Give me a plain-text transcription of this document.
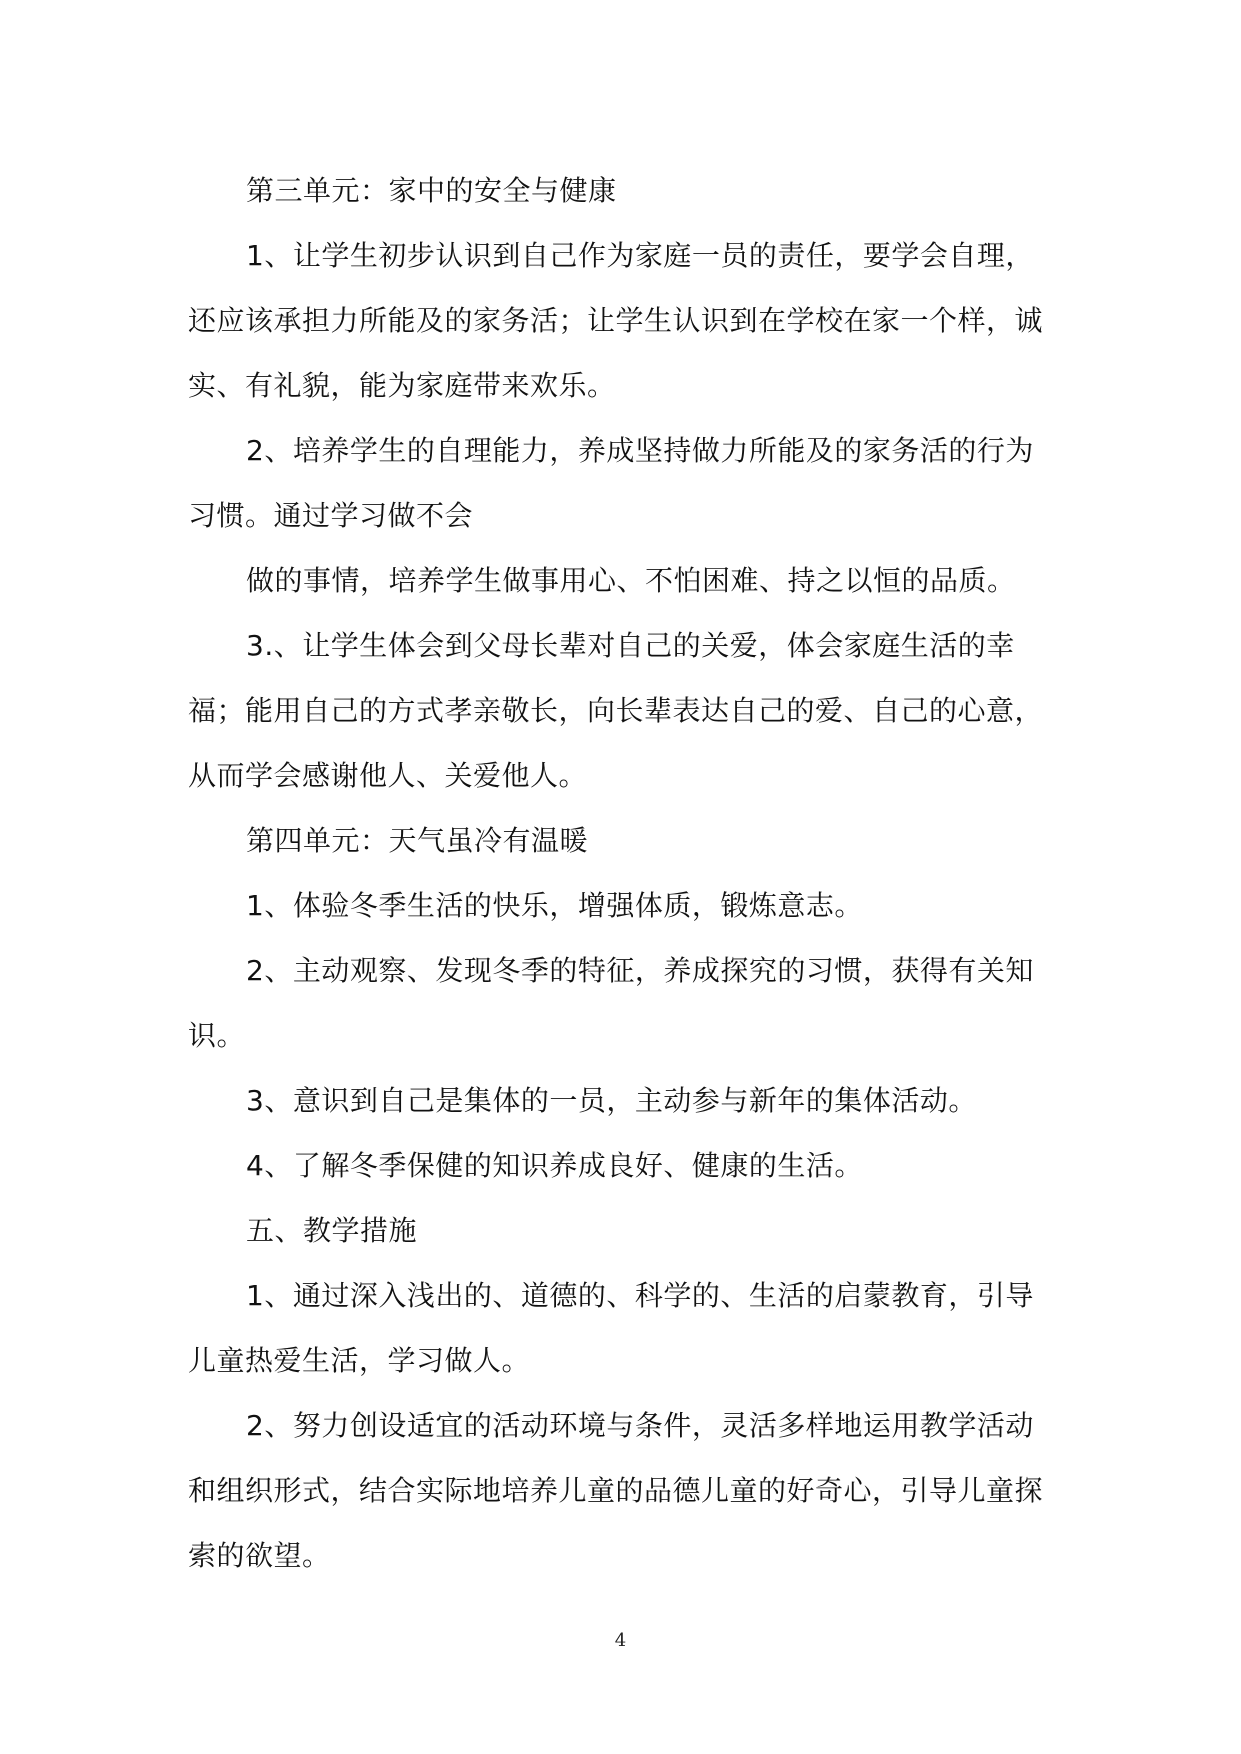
第三单元：家中的安全与健康

1、让学生初步认识到自己作为家庭一员的责任，要学会自理，还应该承担力所能及的家务活；让学生认识到在学校在家一个样，诚实、有礼貌，能为家庭带来欢乐。

2、培养学生的自理能力，养成坚持做力所能及的家务活的行为习惯。通过学习做不会

做的事情，培养学生做事用心、不怕困难、持之以恒的品质。

3.、让学生体会到父母长辈对自己的关爱，体会家庭生活的幸福；能用自己的方式孝亲敬长，向长辈表达自己的爱、自己的心意，从而学会感谢他人、关爱他人。

第四单元：天气虽冷有温暖

1、体验冬季生活的快乐，增强体质，锻炼意志。

2、主动观察、发现冬季的特征，养成探究的习惯，获得有关知识。

3、意识到自己是集体的一员，主动参与新年的集体活动。

4、了解冬季保健的知识养成良好、健康的生活。

五、教学措施

1、通过深入浅出的、道德的、科学的、生活的启蒙教育，引导儿童热爱生活，学习做人。

2、努力创设适宜的活动环境与条件，灵活多样地运用教学活动和组织形式，结合实际地培养儿童的品德儿童的好奇心，引导儿童探索的欲望。

4
